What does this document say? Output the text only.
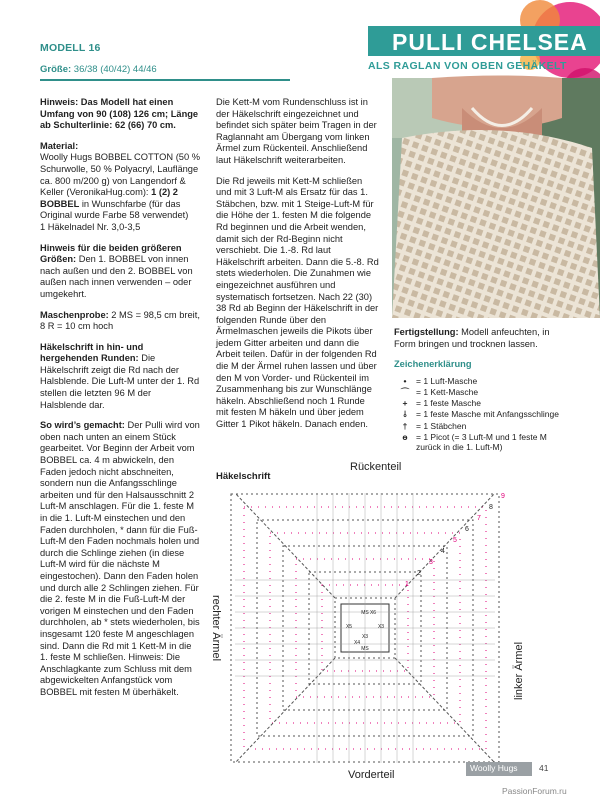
MODELL 16
Größe: 36/38 (40/42) 44/46
PULLI CHELSEA
ALS RAGLAN VON OBEN GEHÄKELT

Hinweis: Das Modell hat einen Umfang von 90 (108) 126 cm; Länge ab Schulterlinie: 62 (66) 70 cm.

Material:
Woolly Hugs BOBBEL COTTON (50 % Schurwolle, 50 % Polyacryl, Lauflänge ca. 800 m/200 g) von Langendorf & Keller (VeronikaHug.com): 1 (2) 2 BOBBEL in Wunschfarbe (für das Original wurde Farbe 58 verwendet)
1 Häkelnadel Nr. 3,0-3,5

Hinweis für die beiden größeren Größen: Den 1. BOBBEL von innen nach außen und den 2. BOBBEL von außen nach innen verwenden – oder umgekehrt.

Maschenprobe: 2 MS = 98,5 cm breit, 8 R = 10 cm hoch

Häkelschrift in hin- und hergehenden Runden: Die Häkelschrift zeigt die Rd nach der Halsblende. Die Luft-M unter der 1. Rd stellen die letzten 96 M der Halsblende dar.

So wird’s gemacht: Der Pulli wird von oben nach unten an einem Stück gearbeitet. Vor Beginn der Arbeit vom BOBBEL ca. 4 m abwickeln, den Faden jedoch nicht abschneiten, sondern nun die Anfangsschlinge arbeiten und für den Halsausschnitt 2 Luft-M anschlagen. Für die 1. feste M in die 1. Luft-M einstechen und den Faden durchholen, * dann für die Fuß-Luft-M den Faden nochmals holen und durch die Schlinge ziehen (in diese Luft-M wird für die nächste M eingestochen). Dann den Faden holen und durch alle 2 Schlingen ziehen. Für die 2. feste M in die Fuß-Luft-M der vorigen M einstechen und den Faden durchholen, ab * stets wiederholen, bis insgesamt 120 feste M angeschlagen sind. Dann die Rd mit 1 Kett-M in die 1. feste M schließen. Hinweis: Die Anschlagkante zum Schluss mit dem abgewickelten Anfangstück vom BOBBEL mit festen M überhäkelt.

Die Kett-M vom Rundenschluss ist in der Häkelschrift eingezeichnet und befindet sich später beim Tragen in der Raglannaht am Übergang vom linken Ärmel zum Rückenteil. Anschließend laut Häkelschrift weiterarbeiten.

Die Rd jeweils mit Kett-M schließen und mit 3 Luft-M als Ersatz für das 1. Stäbchen, bzw. mit 1 Steige-Luft-M für die Höhe der 1. festen M die folgende Rd beginnen und die Arbeit wenden, damit sich der Rd-Beginn nicht verschiebt. Die 1.-8. Rd laut Häkelschrift arbeiten. Dann die 5.-8. Rd stets wiederholen. Die Zunahmen wie eingezeichnet ausführen und systematisch fortsetzen. Nach 22 (30) 38 Rd ab Beginn der Häkelschrift in der folgenden Runde über den Ärmelmaschen jeweils die Pikots über jedem Gitter arbeiten und dann die Arbeit teilen. Dafür in der folgenden Rd die M der Ärmel ruhen lassen und über den M von Vorder- und Rückenteil im Zusammenhang bis zur Wunschlänge häkeln. Abschließend noch 1 Runde mit festen M häkeln und über jedem Gitter 1 Pikot häkeln. Danach enden.

Fertigstellung: Modell anfeuchten, in Form bringen und trocknen lassen.

Zeichenerklärung
•	= 1 Luft-Masche
⌒ = 1 Kett-Masche
+	= 1 feste Masche
⫰	= 1 feste Masche mit Anfangsschlinge
†	= 1 Stäbchen
ɵ = 1 Picot (= 3 Luft-M und 1 feste M zurück in die 1. Luft-M)
Häkelschrift
Rückenteil
Vorderteil
rechter Ärmel
linker Ärmel
MS X6
X5	X3
X3
X4
MS
9
8
7
6
5
4
3
2
1
Woolly Hugs	41
PassionForum.ru
